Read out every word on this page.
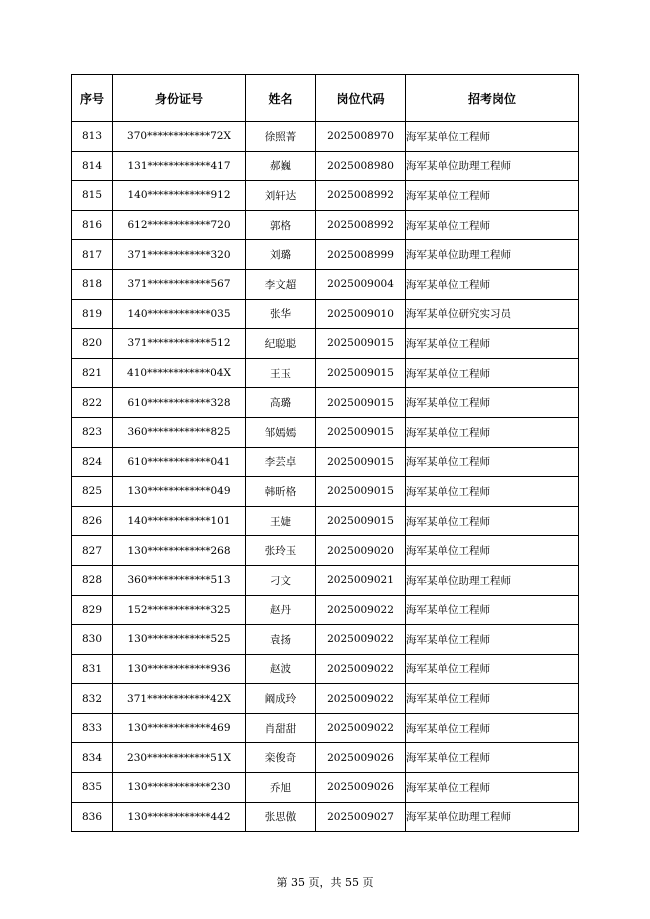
序号	身份证号	姓名	岗位代码	招考岗位
813	370************72X	徐照菁	2025008970	海军某单位工程师
814	131************417	郝巍	2025008980	海军某单位助理工程师
815	140************912	刘轩达	2025008992	海军某单位工程师
816	612************720	郭格	2025008992	海军某单位工程师
817	371************320	刘璐	2025008999	海军某单位助理工程师
818	371************567	李文超	2025009004	海军某单位工程师
819	140************035	张华	2025009010	海军某单位研究实习员
820	371************512	纪聪聪	2025009015	海军某单位工程师
821	410************04X	王玉	2025009015	海军某单位工程师
822	610************328	高璐	2025009015	海军某单位工程师
823	360************825	邹嫣嫣	2025009015	海军某单位工程师
824	610************041	李芸卓	2025009015	海军某单位工程师
825	130************049	韩昕格	2025009015	海军某单位工程师
826	140************101	王婕	2025009015	海军某单位工程师
827	130************268	张玲玉	2025009020	海军某单位工程师
828	360************513	刁文	2025009021	海军某单位助理工程师
829	152************325	赵丹	2025009022	海军某单位工程师
830	130************525	袁扬	2025009022	海军某单位工程师
831	130************936	赵波	2025009022	海军某单位工程师
832	371************42X	阚成玲	2025009022	海军某单位工程师
833	130************469	肖甜甜	2025009022	海军某单位工程师
834	230************51X	栾俊奇	2025009026	海军某单位工程师
835	130************230	乔旭	2025009026	海军某单位工程师
836	130************442	张思傲	2025009027	海军某单位助理工程师
第 35 页，共 55 页
